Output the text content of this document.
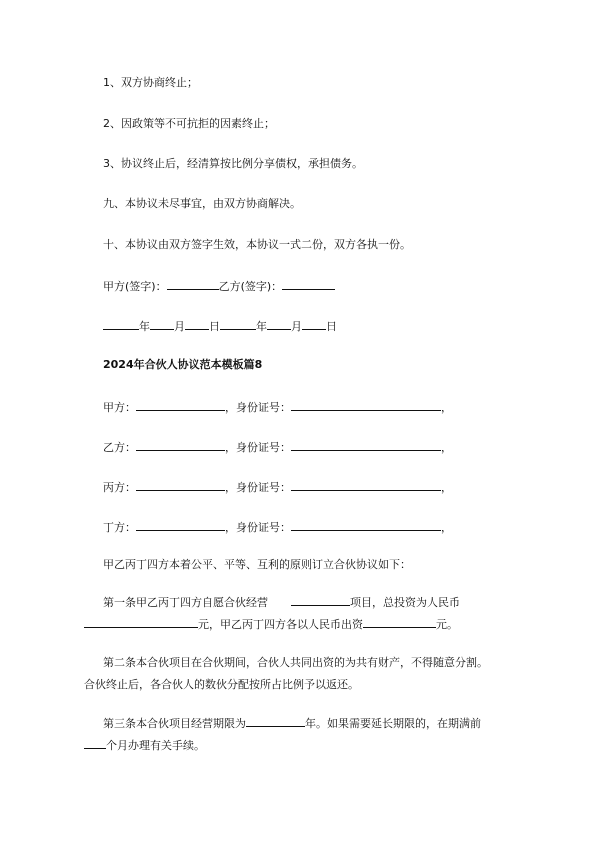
1、双方协商终止；
2、因政策等不可抗拒的因素终止；
3、协议终止后，经清算按比例分享债权，承担债务。
九、本协议未尽事宜，由双方协商解决。
十、本协议由双方签字生效，本协议一式二份，双方各执一份。
甲方(签字)：	乙方(签字)：
年 月 日	年 月 日
2024年合伙人协议范本模板篇8
甲方：	，身份证号：	，
乙方：	，身份证号：	，
丙方：	，身份证号：	，
丁方：	，身份证号：	，
甲乙丙丁四方本着公平、平等、互利的原则订立合伙协议如下：
第一条甲乙丙丁四方自愿合伙经营	项目，总投资为人民币
元，甲乙丙丁四方各以人民币出资	元。
第二条本合伙项目在合伙期间，合伙人共同出资的为共有财产，不得随意分割。
合伙终止后，各合伙人的数伙分配按所占比例予以返还。
第三条本合伙项目经营期限为	年。如果需要延长期限的，在期满前
个月办理有关手续。
